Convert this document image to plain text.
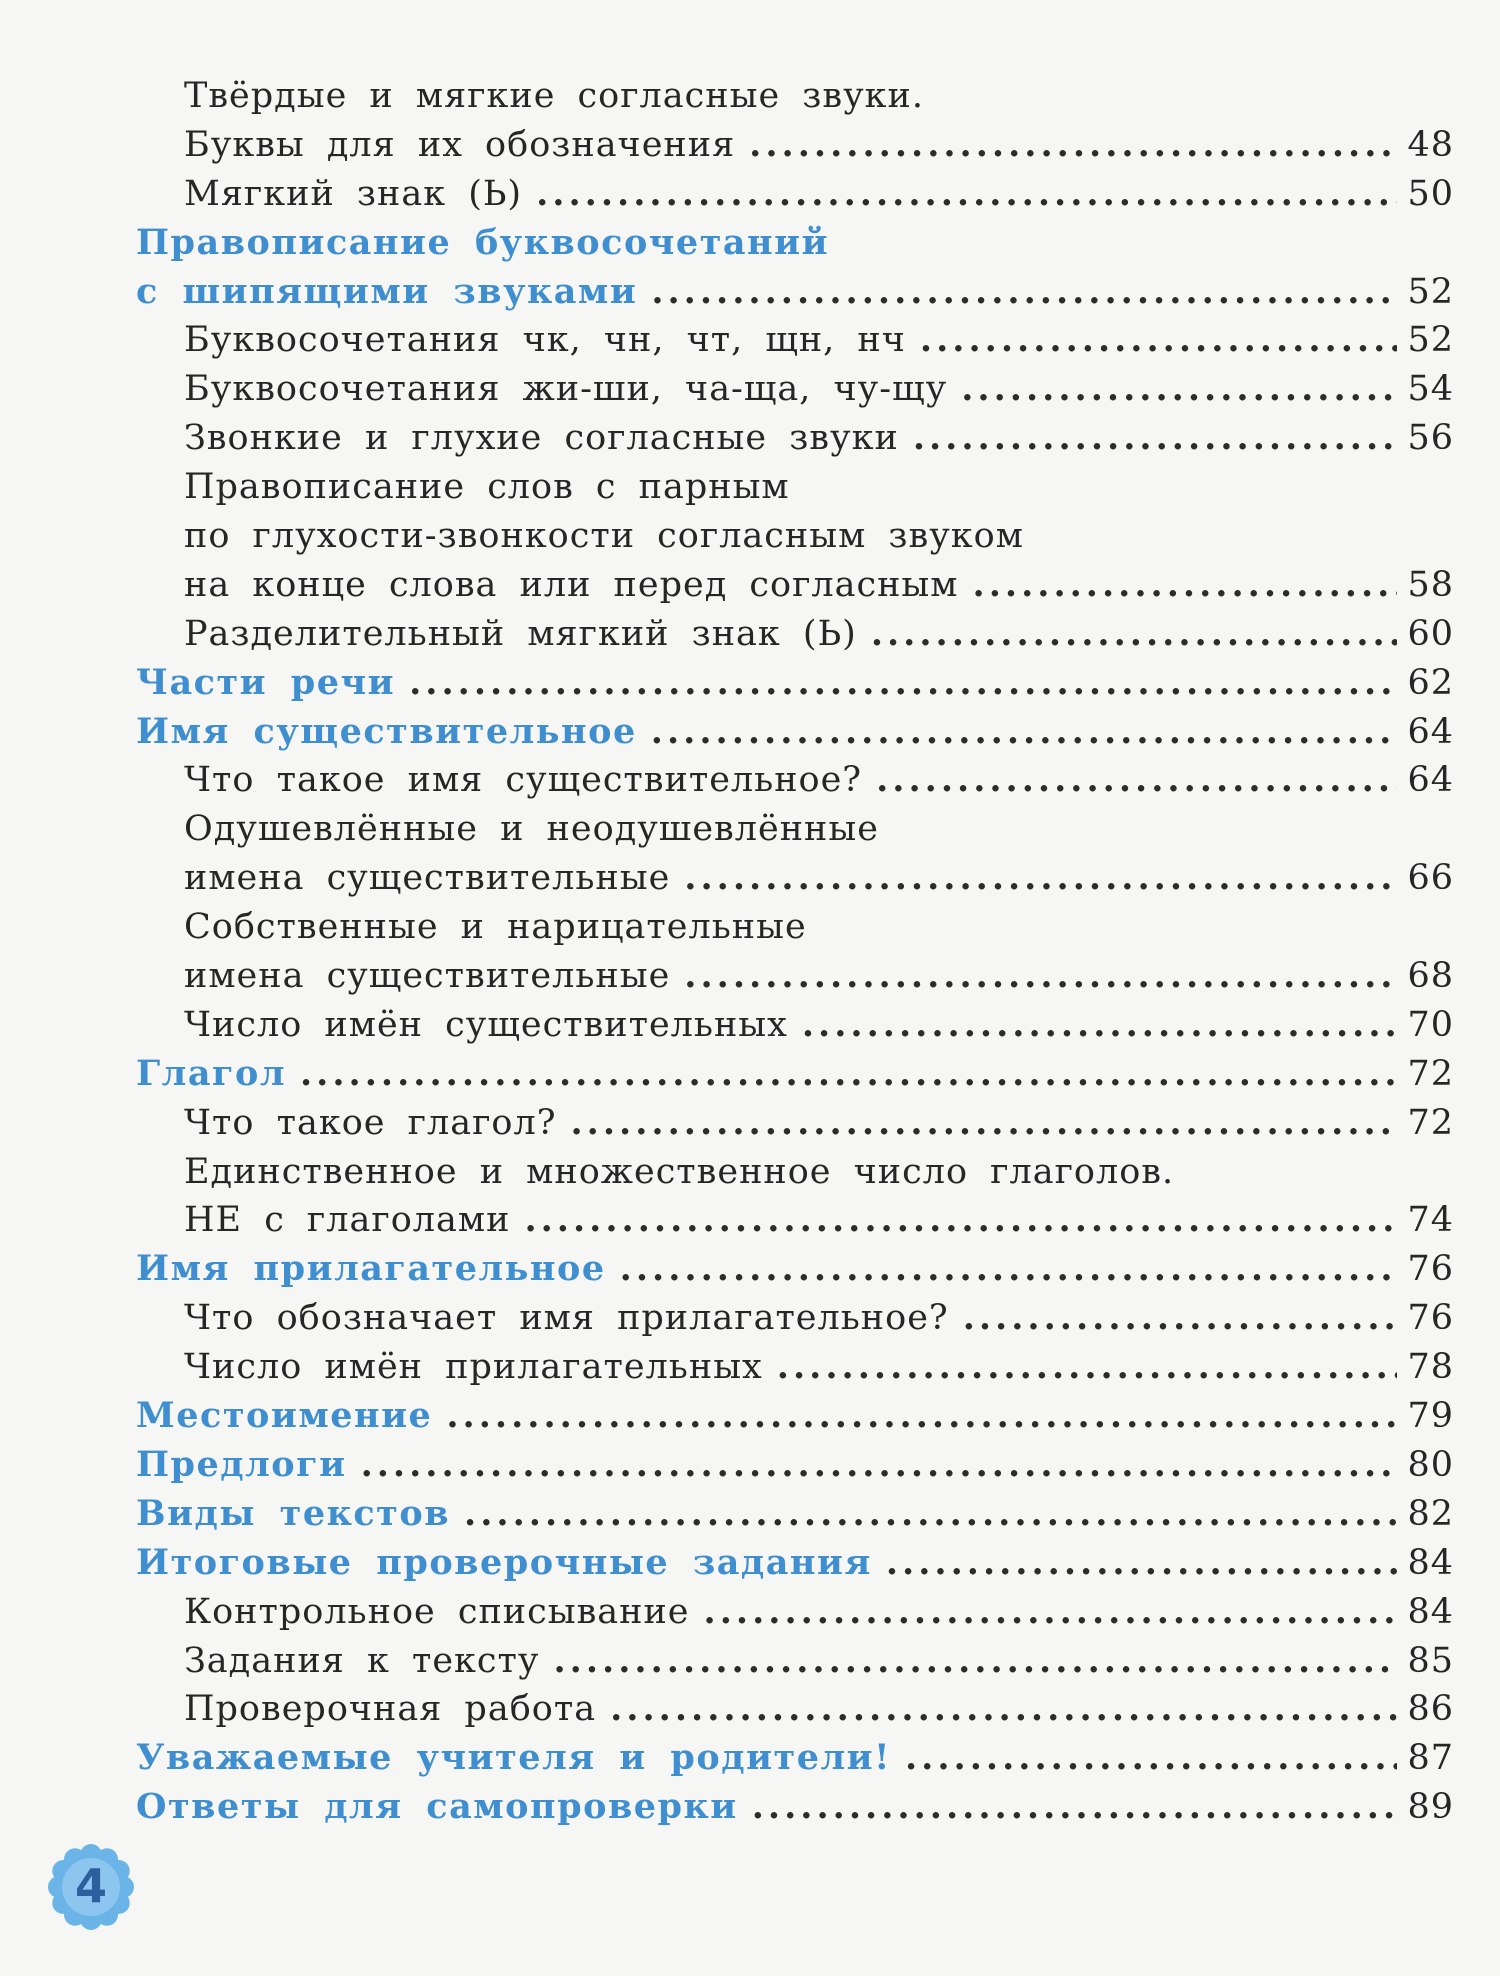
Твёрдые и мягкие согласные звуки.
Буквы для их обозначения .....	48
Мягкий знак (Ь) .....	50
Правописание буквосочетаний
с шипящими звуками .....	52
Буквосочетания чк, чн, чт, щн, нч .....	52
Буквосочетания жи-ши, ча-ща, чу-щу .....	54
Звонкие и глухие согласные звуки .....	56
Правописание слов с парным
по глухости-звонкости согласным звуком
на конце слова или перед согласным .....	58
Разделительный мягкий знак (Ь) .....	60
Части речи .....	62
Имя существительное .....	64
Что такое имя существительное? .....	64
Одушевлённые и неодушевлённые
имена существительные .....	66
Собственные и нарицательные
имена существительные .....	68
Число имён существительных .....	70
Глагол .....	72
Что такое глагол? .....	72
Единственное и множественное число глаголов.
НЕ с глаголами .....	74
Имя прилагательное .....	76
Что обозначает имя прилагательное? .....	76
Число имён прилагательных .....	78
Местоимение .....	79
Предлоги .....	80
Виды текстов .....	82
Итоговые проверочные задания .....	84
Контрольное списывание .....	84
Задания к тексту .....	85
Проверочная работа .....	86
Уважаемые учителя и родители! .....	87
Ответы для самопроверки .....	89
4
